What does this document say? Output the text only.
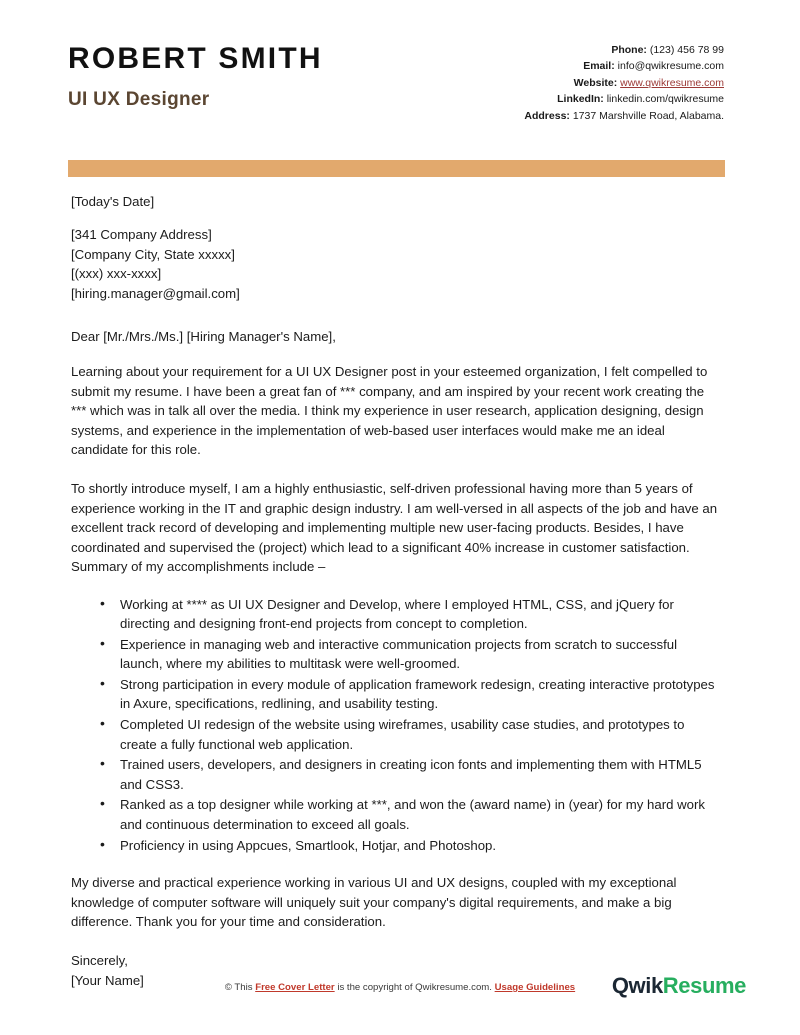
ROBERT SMITH
UI UX Designer
Phone: (123) 456 78 99
Email: info@qwikresume.com
Website: www.qwikresume.com
LinkedIn: linkedin.com/qwikresume
Address: 1737 Marshville Road, Alabama.
[Today's Date]
[341 Company Address]
[Company City, State xxxxx]
[(xxx) xxx-xxxx]
[hiring.manager@gmail.com]
Dear [Mr./Mrs./Ms.] [Hiring Manager's Name],

Learning about your requirement for a UI UX Designer post in your esteemed organization, I felt compelled to submit my resume. I have been a great fan of *** company, and am inspired by your recent work creating the *** which was in talk all over the media. I think my experience in user research, application designing, design systems, and experience in the implementation of web-based user interfaces would make me an ideal candidate for this role.

To shortly introduce myself, I am a highly enthusiastic, self-driven professional having more than 5 years of experience working in the IT and graphic design industry. I am well-versed in all aspects of the job and have an excellent track record of developing and implementing multiple new user-facing products. Besides, I have coordinated and supervised the (project) which lead to a significant 40% increase in customer satisfaction. Summary of my accomplishments include –

• Working at **** as UI UX Designer and Develop, where I employed HTML, CSS, and jQuery for directing and designing front-end projects from concept to completion.
• Experience in managing web and interactive communication projects from scratch to successful launch, where my abilities to multitask were well-groomed.
• Strong participation in every module of application framework redesign, creating interactive prototypes in Axure, specifications, redlining, and usability testing.
• Completed UI redesign of the website using wireframes, usability case studies, and prototypes to create a fully functional web application.
• Trained users, developers, and designers in creating icon fonts and implementing them with HTML5 and CSS3.
• Ranked as a top designer while working at ***, and won the (award name) in (year) for my hard work and continuous determination to exceed all goals.
• Proficiency in using Appcues, Smartlook, Hotjar, and Photoshop.

My diverse and practical experience working in various UI and UX designs, coupled with my exceptional knowledge of computer software will uniquely suit your company's digital requirements, and make a big difference. Thank you for your time and consideration.

Sincerely,
[Your Name]	© This Free Cover Letter is the copyright of Qwikresume.com. Usage Guidelines	QwikResume
